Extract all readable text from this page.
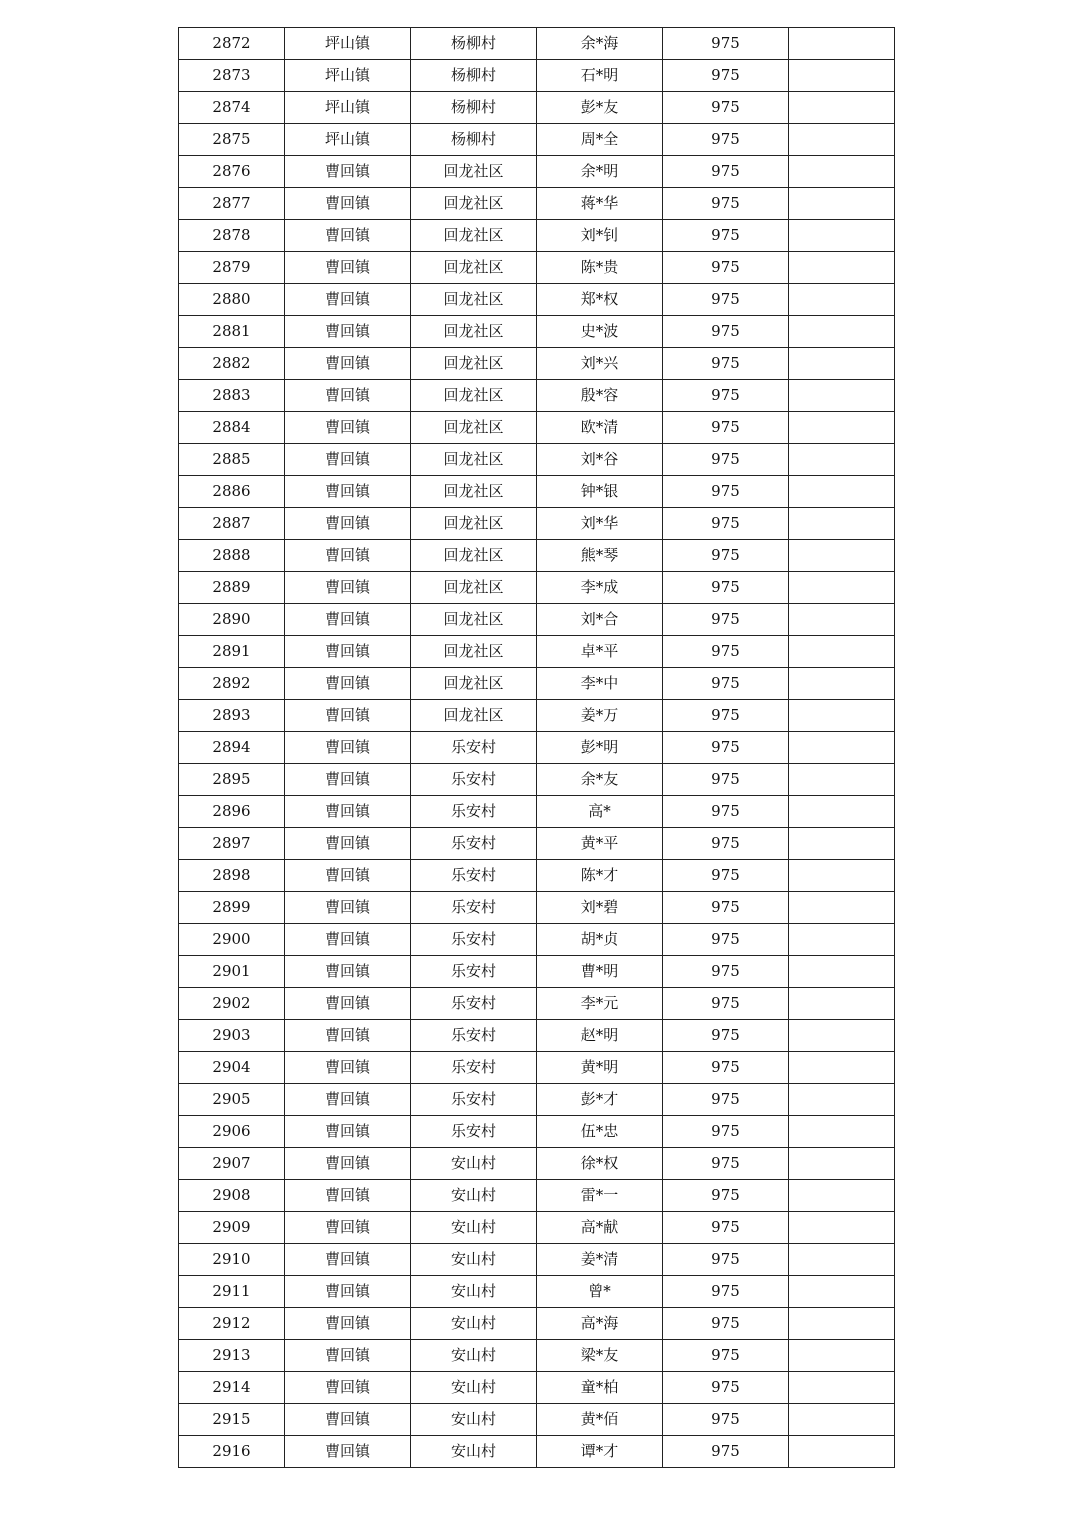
2872	坪山镇	杨柳村	余*海	975	
2873	坪山镇	杨柳村	石*明	975	
2874	坪山镇	杨柳村	彭*友	975	
2875	坪山镇	杨柳村	周*全	975	
2876	曹回镇	回龙社区	余*明	975	
2877	曹回镇	回龙社区	蒋*华	975	
2878	曹回镇	回龙社区	刘*钊	975	
2879	曹回镇	回龙社区	陈*贵	975	
2880	曹回镇	回龙社区	郑*权	975	
2881	曹回镇	回龙社区	史*波	975	
2882	曹回镇	回龙社区	刘*兴	975	
2883	曹回镇	回龙社区	殷*容	975	
2884	曹回镇	回龙社区	欧*清	975	
2885	曹回镇	回龙社区	刘*谷	975	
2886	曹回镇	回龙社区	钟*银	975	
2887	曹回镇	回龙社区	刘*华	975	
2888	曹回镇	回龙社区	熊*琴	975	
2889	曹回镇	回龙社区	李*成	975	
2890	曹回镇	回龙社区	刘*合	975	
2891	曹回镇	回龙社区	卓*平	975	
2892	曹回镇	回龙社区	李*中	975	
2893	曹回镇	回龙社区	姜*万	975	
2894	曹回镇	乐安村	彭*明	975	
2895	曹回镇	乐安村	余*友	975	
2896	曹回镇	乐安村	高*	975	
2897	曹回镇	乐安村	黄*平	975	
2898	曹回镇	乐安村	陈*才	975	
2899	曹回镇	乐安村	刘*碧	975	
2900	曹回镇	乐安村	胡*贞	975	
2901	曹回镇	乐安村	曹*明	975	
2902	曹回镇	乐安村	李*元	975	
2903	曹回镇	乐安村	赵*明	975	
2904	曹回镇	乐安村	黄*明	975	
2905	曹回镇	乐安村	彭*才	975	
2906	曹回镇	乐安村	伍*忠	975	
2907	曹回镇	安山村	徐*权	975	
2908	曹回镇	安山村	雷*一	975	
2909	曹回镇	安山村	高*献	975	
2910	曹回镇	安山村	姜*清	975	
2911	曹回镇	安山村	曾*	975	
2912	曹回镇	安山村	高*海	975	
2913	曹回镇	安山村	梁*友	975	
2914	曹回镇	安山村	童*柏	975	
2915	曹回镇	安山村	黄*佰	975	
2916	曹回镇	安山村	谭*才	975	
